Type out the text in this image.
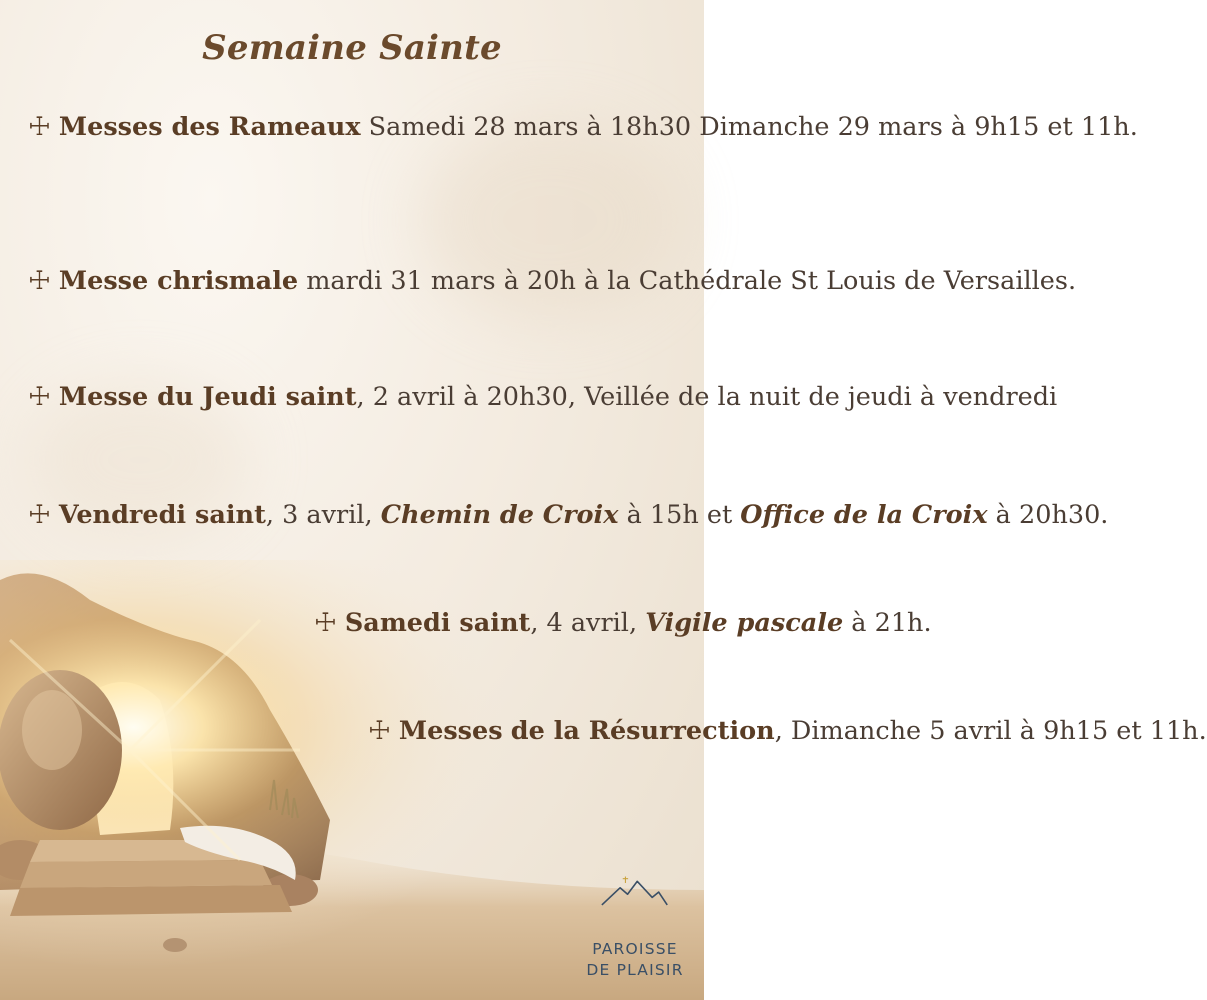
Semaine Sainte
☩ Messes des Rameaux Samedi 28 mars à 18h30 Dimanche 29 mars à 9h15 et 11h.
☩ Messe chrismale mardi 31 mars à 20h à la Cathédrale St Louis de Versailles.
☩ Messe du Jeudi saint, 2 avril à 20h30, Veillée de la nuit de jeudi à vendredi
☩ Vendredi saint, 3 avril, Chemin de Croix à 15h et Office de la Croix à 20h30.
☩ Samedi saint, 4 avril, Vigile pascale à 21h.
☩ Messes de la Résurrection, Dimanche 5 avril à 9h15 et 11h.
PAROISSE
DE PLAISIR
